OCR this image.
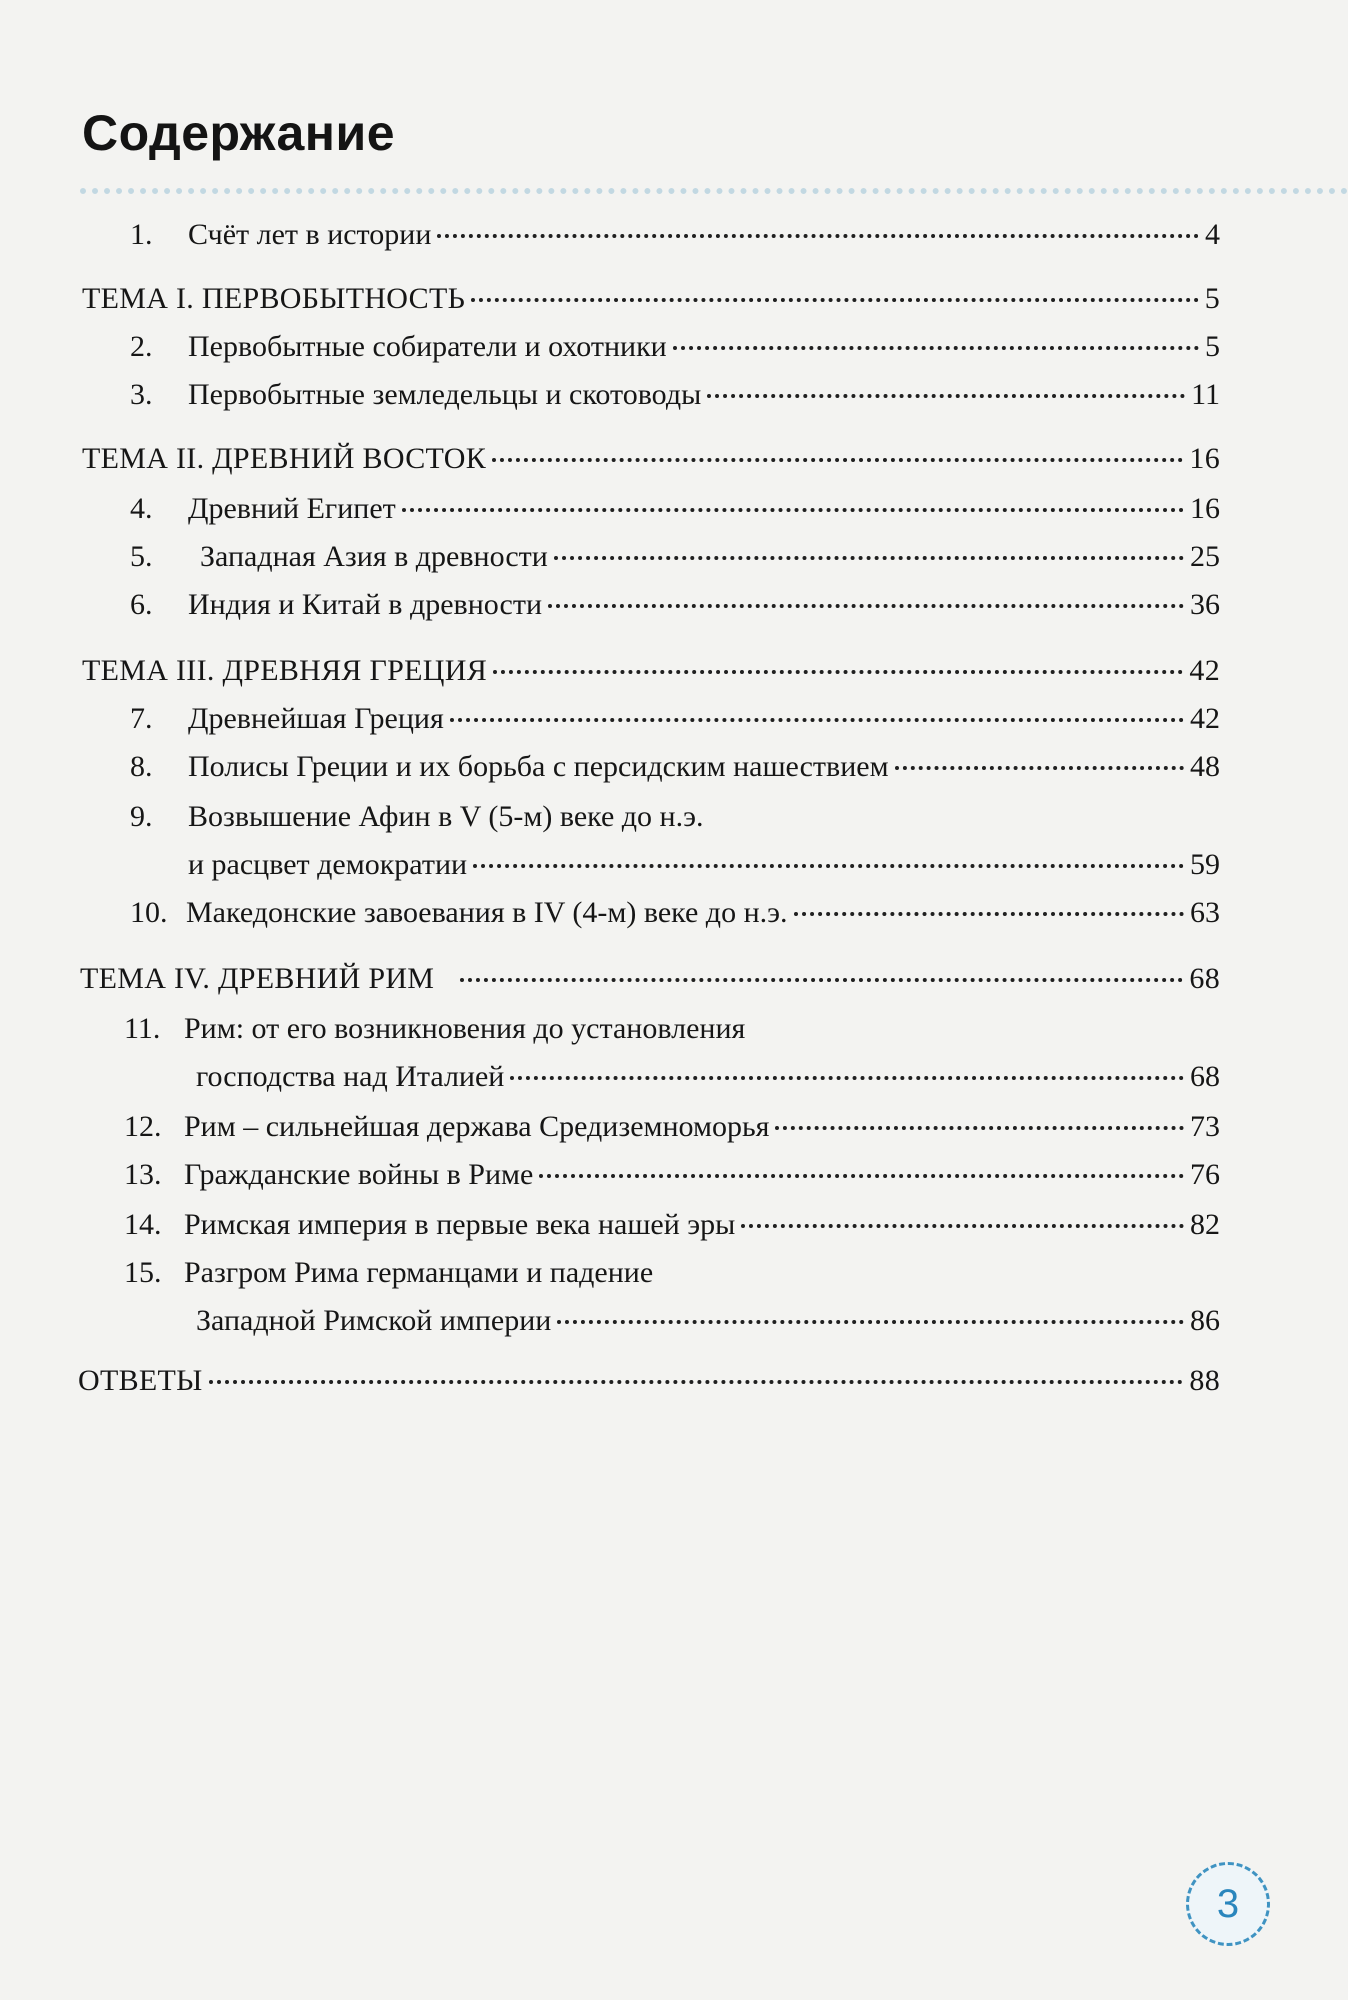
Содержание
1.	Счёт лет в истории	4
ТЕМА I. ПЕРВОБЫТНОСТЬ	5
2.	Первобытные собиратели и охотники	5
3.	Первобытные земледельцы и скотоводы	11
ТЕМА II. ДРЕВНИЙ ВОСТОК	16
4.	Древний Египет	16
5.	Западная Азия в древности	25
6.	Индия и Китай в древности	36
ТЕМА III. ДРЕВНЯЯ ГРЕЦИЯ	42
7.	Древнейшая Греция	42
8.	Полисы Греции и их борьба с персидским нашествием	48
9.	Возвышение Афин в V (5-м) веке до н.э.
и расцвет демократии	59
10. Македонские завоевания в IV (4-м) веке до н.э.	63
ТЕМА IV. ДРЕВНИЙ РИМ	68
11. Рим: от его возникновения до установления
господства над Италией	68
12. Рим – сильнейшая держава Средиземноморья	73
13. Гражданские войны в Риме	76
14. Римская империя в первые века нашей эры	82
15. Разгром Рима германцами и падение
Западной Римской империи	86
ОТВЕТЫ	88
3
